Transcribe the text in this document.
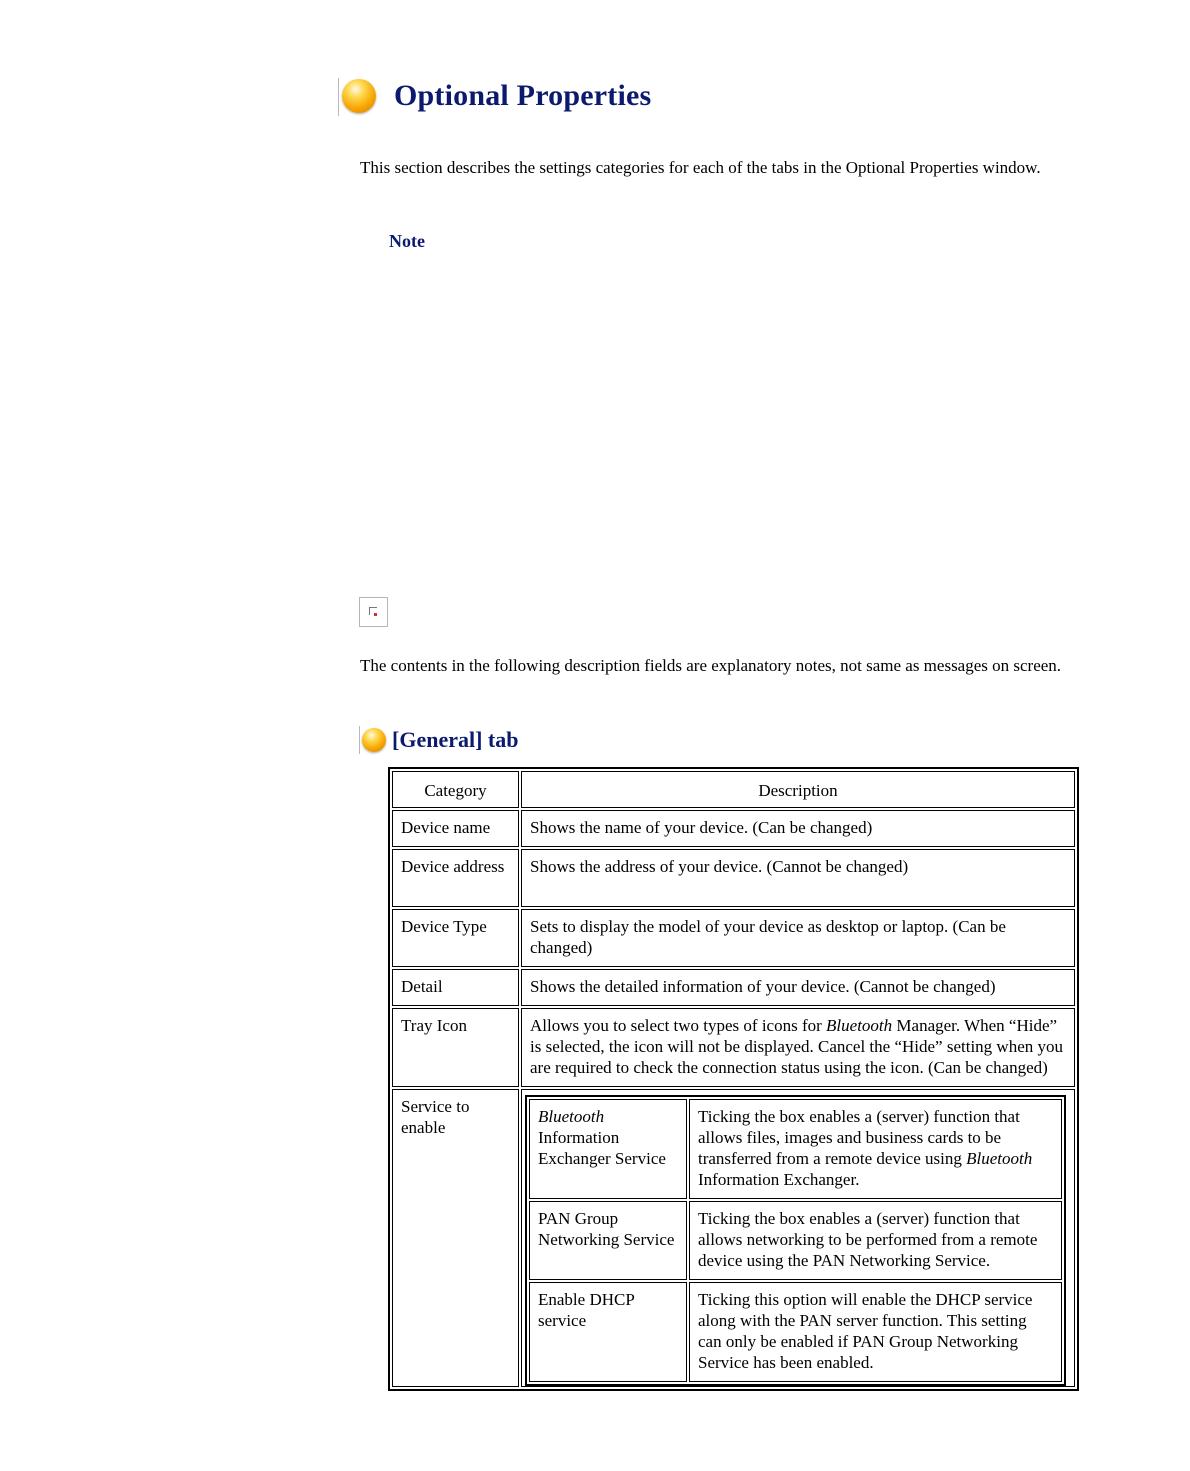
Optional Properties
This section describes the settings categories for each of the tabs in the Optional Properties window.
Note
The contents in the following description fields are explanatory notes, not same as messages on screen.
[General] tab
Category	Description
Device name	Shows the name of your device. (Can be changed)
Device address	Shows the address of your device. (Cannot be changed)
Device Type	Sets to display the model of your device as desktop or laptop. (Can be changed)
Detail	Shows the detailed information of your device. (Cannot be changed)
Tray Icon	Allows you to select two types of icons for Bluetooth Manager. When “Hide” is selected, the icon will not be displayed. Cancel the “Hide” setting when you are required to check the connection status using the icon. (Can be changed)
Service to enable	
Bluetooth Information Exchanger Service	Ticking the box enables a (server) function that allows files, images and business cards to be transferred from a remote device using Bluetooth Information Exchanger.
PAN Group Networking Service	Ticking the box enables a (server) function that allows networking to be performed from a remote device using the PAN Networking Service.
Enable DHCP service	Ticking this option will enable the DHCP service along with the PAN server function. This setting can only be enabled if PAN Group Networking Service has been enabled.
